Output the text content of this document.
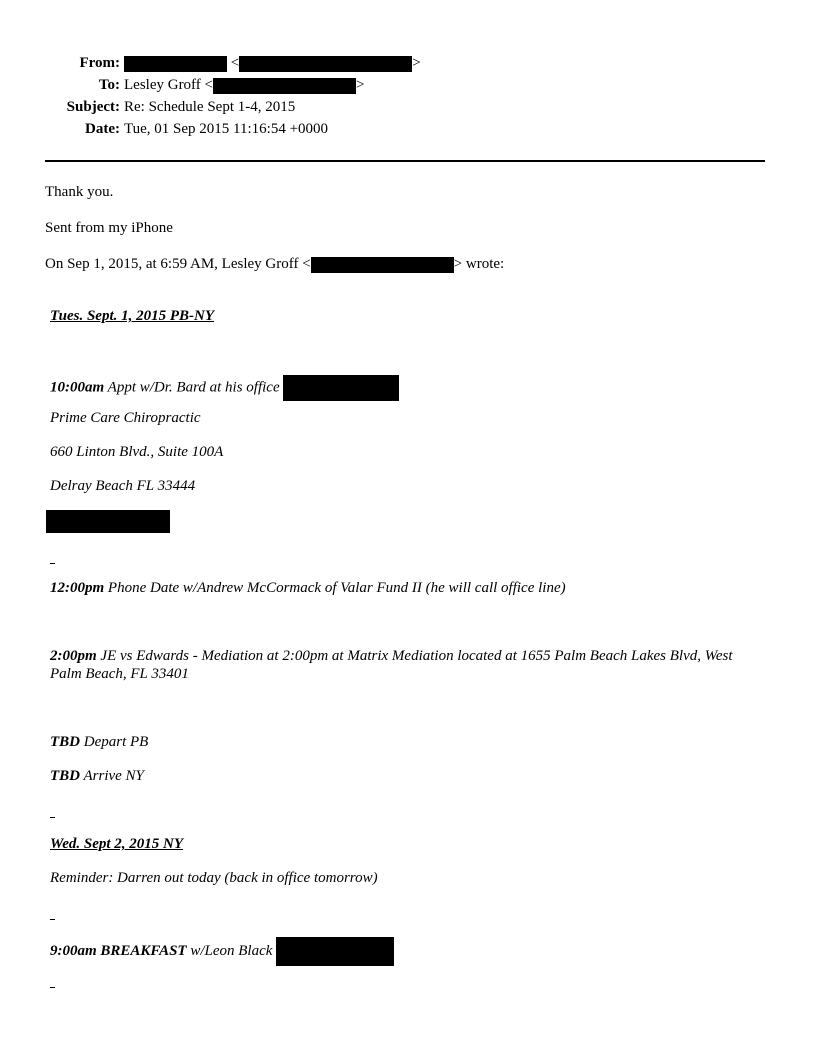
From:	<	>
To: Lesley Groff <	>
Subject: Re: Schedule Sept 1-4, 2015
Date: Tue, 01 Sep 2015 11:16:54 +0000
Thank you.
Sent from my iPhone
On Sep 1, 2015, at 6:59 AM, Lesley Groff <	> wrote:
Tues. Sept. 1, 2015 PB-NY
10:00am Appt w/Dr. Bard at his office
Prime Care Chiropractic
660 Linton Blvd., Suite 100A
Delray Beach FL 33444
12:00pm Phone Date w/Andrew McCormack of Valar Fund II (he will call office line)
2:00pm JE vs Edwards - Mediation at 2:00pm at Matrix Mediation located at 1655 Palm Beach Lakes Blvd, West Palm Beach, FL 33401
TBD Depart PB
TBD Arrive NY
Wed. Sept 2, 2015 NY
Reminder: Darren out today (back in office tomorrow)
9:00am BREAKFAST w/Leon Black
